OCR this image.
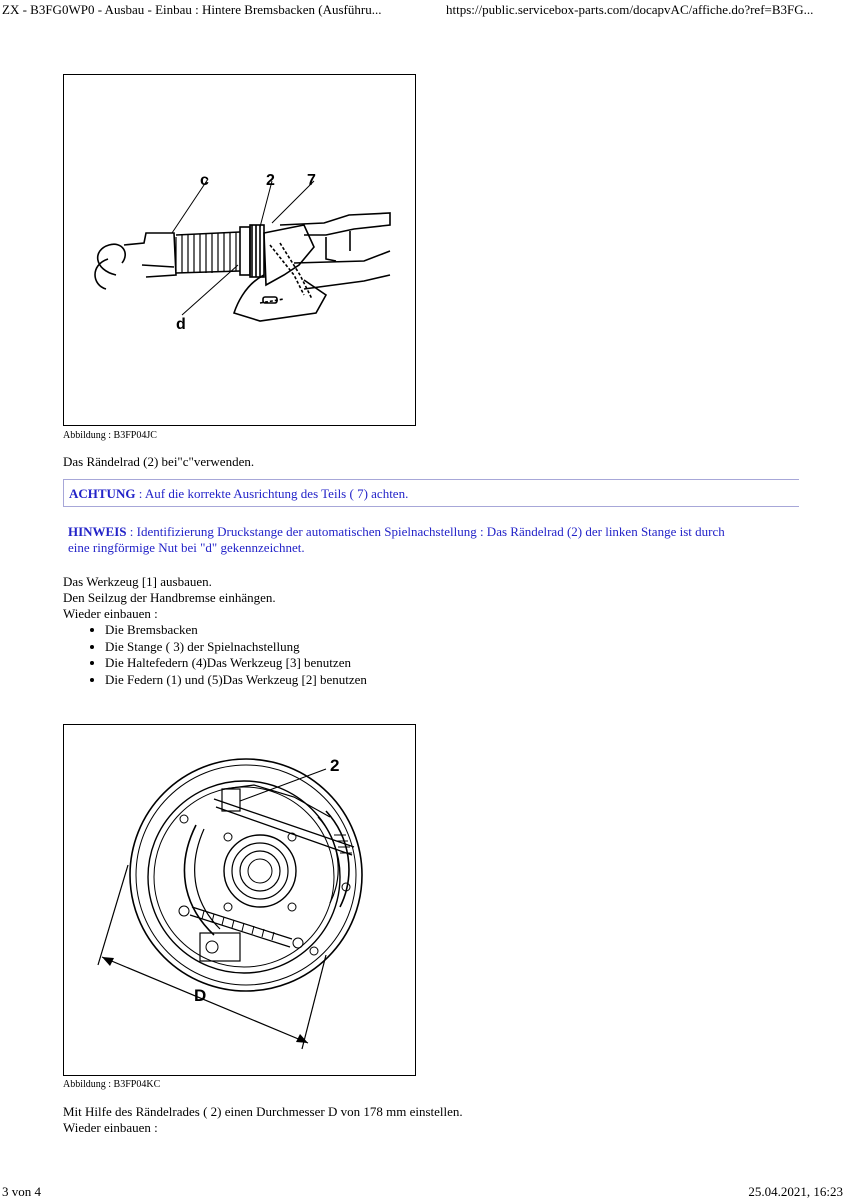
ZX - B3FG0WP0 - Ausbau - Einbau : Hintere Bremsbacken (Ausführu...	https://public.servicebox-parts.com/docapvAC/affiche.do?ref=B3FG...
c	2 7
d
Abbildung : B3FP04JC
Das Rändelrad (2) bei"c"verwenden.
ACHTUNG : Auf die korrekte Ausrichtung des Teils ( 7) achten.
HINWEIS : Identifizierung Druckstange der automatischen Spielnachstellung : Das Rändelrad (2) der linken Stange ist durch
eine ringförmige Nut bei "d" gekennzeichnet.
Das Werkzeug [1] ausbauen.
Den Seilzug der Handbremse einhängen.
Wieder einbauen :
• Die Bremsbacken
• Die Stange ( 3) der Spielnachstellung
• Die Haltefedern (4)Das Werkzeug [3] benutzen
• Die Federn (1) und (5)Das Werkzeug [2] benutzen
2
D
Abbildung : B3FP04KC
Mit Hilfe des Rändelrades ( 2) einen Durchmesser D von 178 mm einstellen.
Wieder einbauen :
3 von 4	25.04.2021, 16:23
